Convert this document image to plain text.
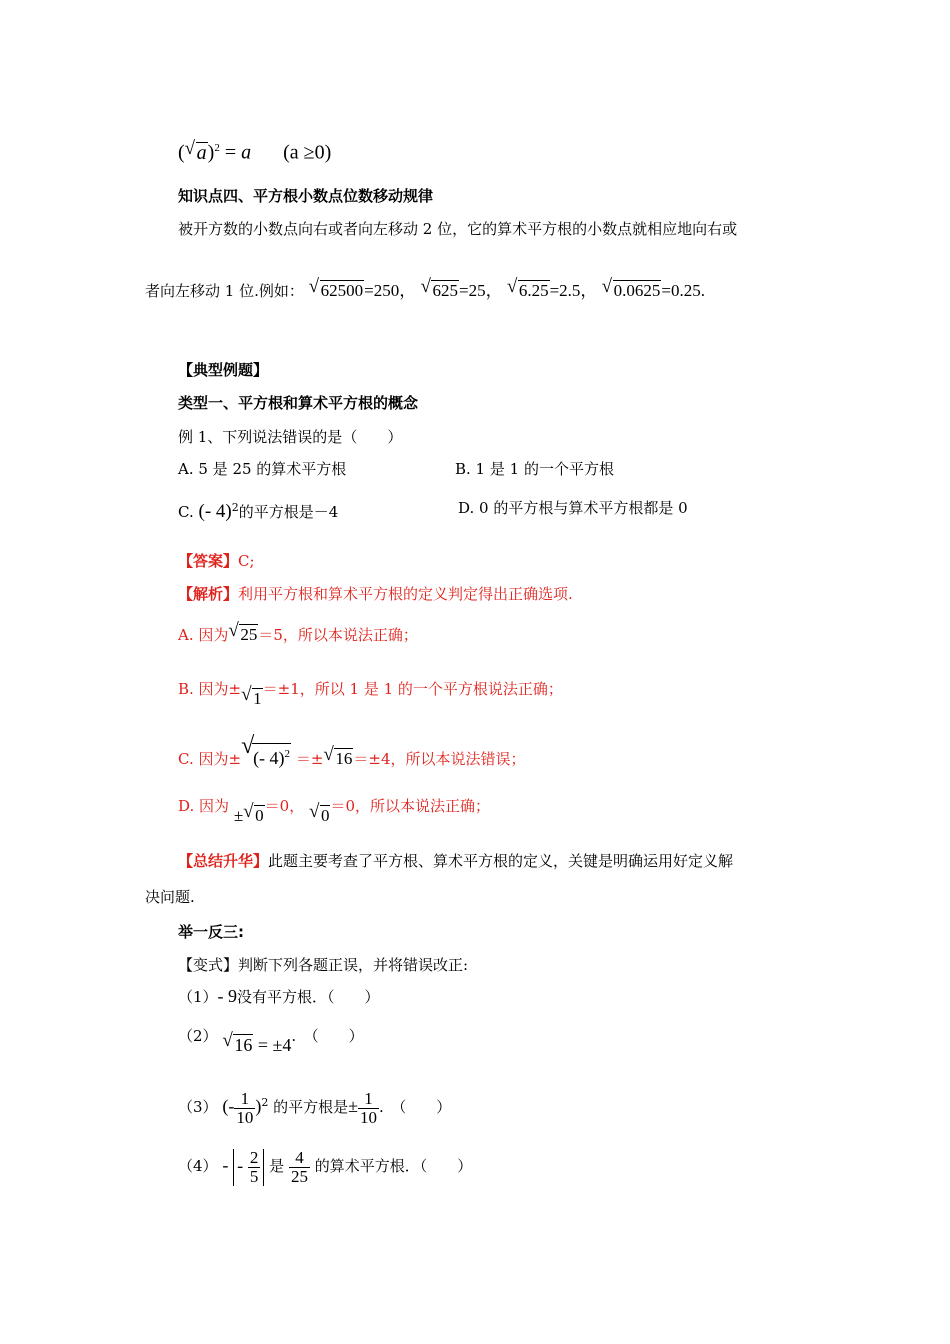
( √ a)$^2$ = a (a ≥0)
知识点四、平方根小数点位数移动规律
被开方数的小数点向右或者向左移动 2 位，它的算术平方根的小数点就相应地向右或
者向左移动 1 位.例如： √ 62500=250， √ 625=25， √ 6.25=2.5， √ 0.0625=0.25.
【典型例题】
类型一、平方根和算术平方根的概念
例 1、下列说法错误的是（　　）
A. 5 是 25 的算术平方根	B. 1 是 1 的一个平方根
C. (- 4)$^2$的平方根是－4	D. 0 的平方根与算术平方根都是 0
【答案】C;
【解析】利用平方根和算术平方根的定义判定得出正确选项.
A. 因为 √ 25＝5，所以本说法正确；
B. 因为± √ 1＝±1，所以 1 是 1 的一个平方根说法正确；
C. 因为± √
(- 4)$^2$ ＝± √ 16＝±4，所以本说法错误；
D. 因为 ± √ 0＝0， √ 0＝0，所以本说法正确；
【总结升华】此题主要考查了平方根、算术平方根的定义，关键是明确运用好定义解
决问题.
举一反三:
【变式】判断下列各题正误，并将错误改正:
（1）- 9没有平方根．（　　）
（2） √ 16 = ±4.　（　　）
（3） (- $\frac{1}{10} )^2$ 的平方根是± $\frac{1}{10}$ .　（　　）
（4） - - $\frac{2}{5}$ 是 $\frac{4}{25}$ 的算术平方根．（　　）
